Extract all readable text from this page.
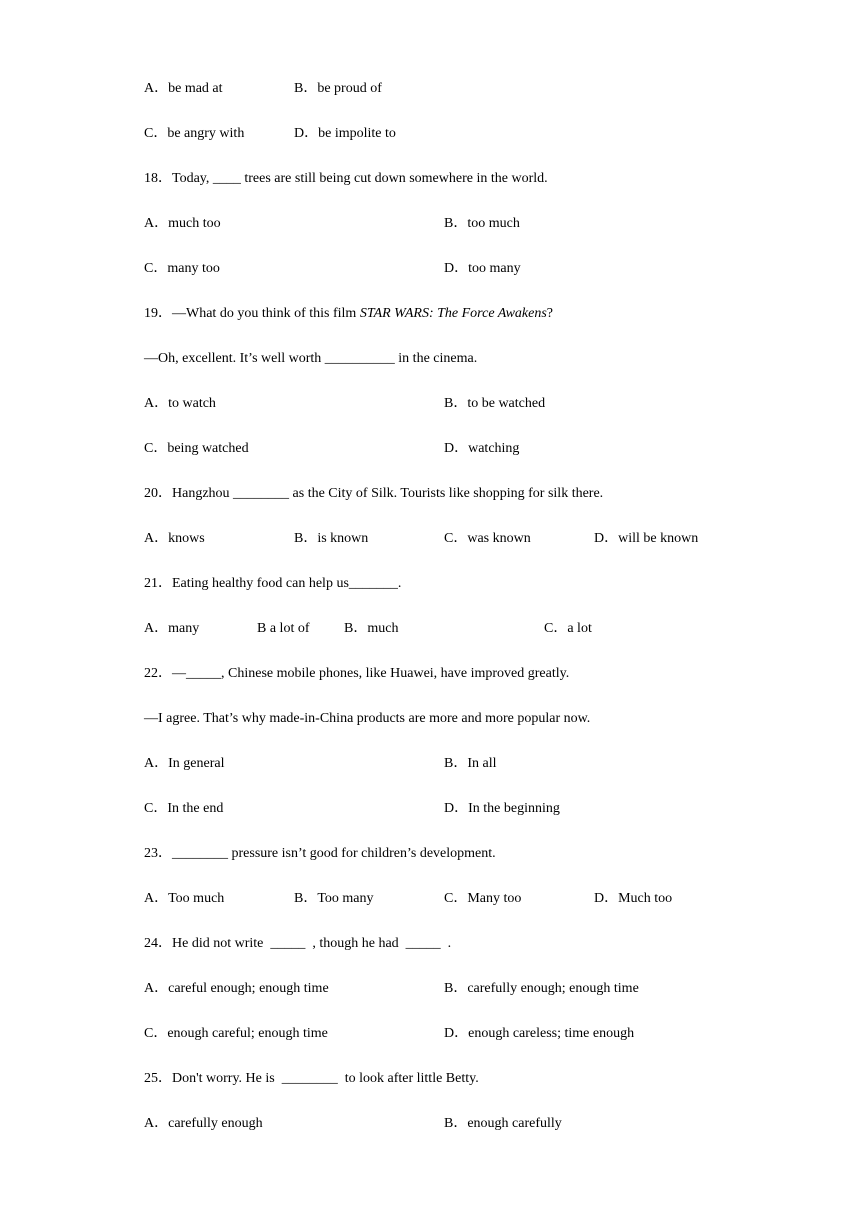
A．be mad at	B．be proud of
C．be angry with	D．be impolite to
18．Today, ____ trees are still being cut down somewhere in the world.
A．much too	B．too much
C．many too	D．too many
19．—What do you think of this film STAR WARS: The Force Awakens?
—Oh, excellent. It’s well worth __________ in the cinema.
A．to watch	B．to be watched
C．being watched	D．watching
20．Hangzhou ________ as the City of Silk. Tourists like shopping for silk there.
A．knows	B．is known	C．was known	D．will be known
21．Eating healthy food can help us_______.
A．many	B a lot of B．much	C．a lot
22．—_____, Chinese mobile phones, like Huawei, have improved greatly.
—I agree. That’s why made-in-China products are more and more popular now.
A．In general	B．In all
C．In the end	D．In the beginning
23．________ pressure isn’t good for children’s development.
A．Too much	B．Too many	C．Many too	D．Much too
24．He did not write  _____  , though he had  _____  .
A．careful enough; enough time	B．carefully enough; enough time
C．enough careful; enough time	D．enough careless; time enough
25．Don't worry. He is  ________  to look after little Betty.
A．carefully enough	B．enough carefully
